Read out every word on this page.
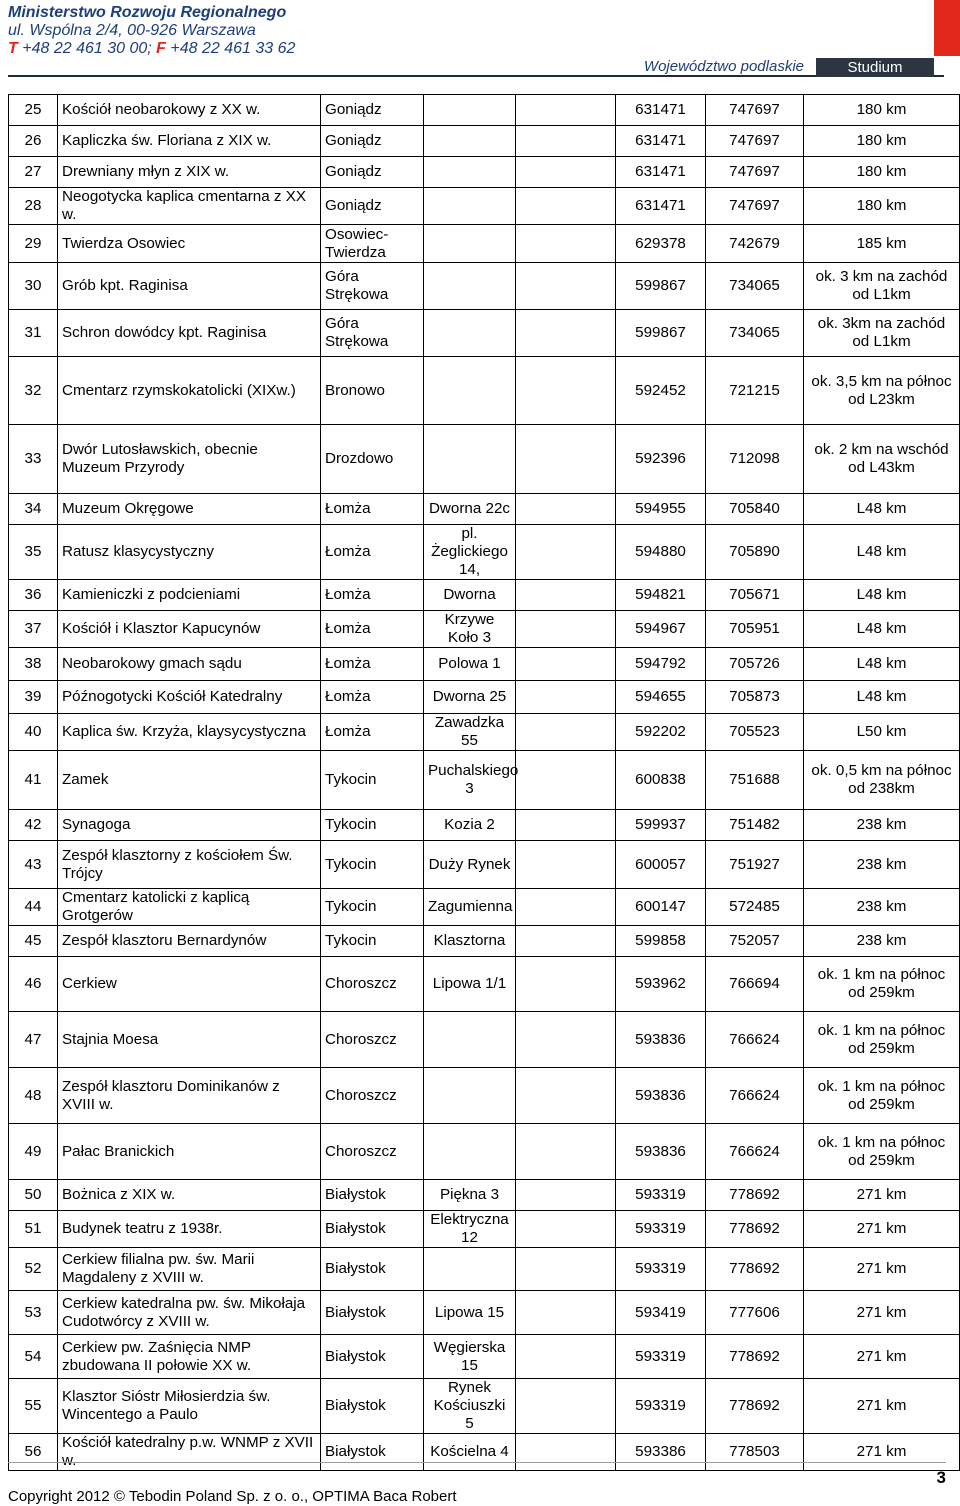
Ministerstwo Rozwoju Regionalnego
ul. Wspólna 2/4, 00-926 Warszawa
T +48 22 461 30 00; F +48 22 461 33 62
Województwo podlaskie	Studium
25	Kościół neobarokowy z XX w.	Goniądz			631471	747697	180 km
26	Kapliczka św. Floriana z XIX w.	Goniądz			631471	747697	180 km
27	Drewniany młyn z XIX w.	Goniądz			631471	747697	180 km
28	Neogotycka kaplica cmentarna z XX w.	Goniądz			631471	747697	180 km
29	Twierdza Osowiec	Osowiec-Twierdza			629378	742679	185 km
30	Grób kpt. Raginisa	Góra Strękowa			599867	734065	ok. 3 km na zachód od L1km
31	Schron dowódcy kpt. Raginisa	Góra Strękowa			599867	734065	ok. 3km na zachód od L1km
32	Cmentarz rzymskokatolicki (XIXw.)	Bronowo			592452	721215	ok. 3,5 km na północ od L23km
33	Dwór Lutosławskich, obecnie Muzeum Przyrody	Drozdowo			592396	712098	ok. 2 km na wschód od L43km
34	Muzeum Okręgowe	Łomża	Dworna 22c		594955	705840	L48 km
35	Ratusz klasycystyczny	Łomża	pl. Żeglickiego 14,		594880	705890	L48 km
36	Kamieniczki z podcieniami	Łomża	Dworna		594821	705671	L48 km
37	Kościół i Klasztor Kapucynów	Łomża	Krzywe Koło 3		594967	705951	L48 km
38	Neobarokowy gmach sądu	Łomża	Polowa 1		594792	705726	L48 km
39	Późnogotycki Kościół Katedralny	Łomża	Dworna 25		594655	705873	L48 km
40	Kaplica św. Krzyża, klaysycystyczna	Łomża	Zawadzka 55		592202	705523	L50 km
41	Zamek	Tykocin	Puchalskiego 3		600838	751688	ok. 0,5 km na północ od 238km
42	Synagoga	Tykocin	Kozia 2		599937	751482	238 km
43	Zespół klasztorny z kościołem Św. Trójcy	Tykocin	Duży Rynek		600057	751927	238 km
44	Cmentarz katolicki z kaplicą Grotgerów	Tykocin	Zagumienna		600147	572485	238 km
45	Zespół klasztoru Bernardynów	Tykocin	Klasztorna		599858	752057	238 km
46	Cerkiew	Choroszcz	Lipowa 1/1		593962	766694	ok. 1 km na północ od 259km
47	Stajnia Moesa	Choroszcz			593836	766624	ok. 1 km na północ od 259km
48	Zespół klasztoru Dominikanów z XVIII w.	Choroszcz			593836	766624	ok. 1 km na północ od 259km
49	Pałac Branickich	Choroszcz			593836	766624	ok. 1 km na północ od 259km
50	Bożnica z XIX w.	Białystok	Piękna 3		593319	778692	271 km
51	Budynek teatru z 1938r.	Białystok	Elektryczna 12		593319	778692	271 km
52	Cerkiew filialna pw. św. Marii Magdaleny z XVIII w.	Białystok			593319	778692	271 km
53	Cerkiew katedralna pw. św. Mikołaja Cudotwórcy z XVIII w.	Białystok	Lipowa 15		593419	777606	271 km
54	Cerkiew pw. Zaśnięcia NMP zbudowana II połowie XX w.	Białystok	Węgierska 15		593319	778692	271 km
55	Klasztor Sióstr Miłosierdzia św. Wincentego a Paulo	Białystok	Rynek Kościuszki 5		593319	778692	271 km
56	Kościół katedralny p.w. WNMP z XVII w.	Białystok	Kościelna 4		593386	778503	271 km
3
Copyright 2012 © Tebodin Poland Sp. z o. o., OPTIMA Baca Robert
